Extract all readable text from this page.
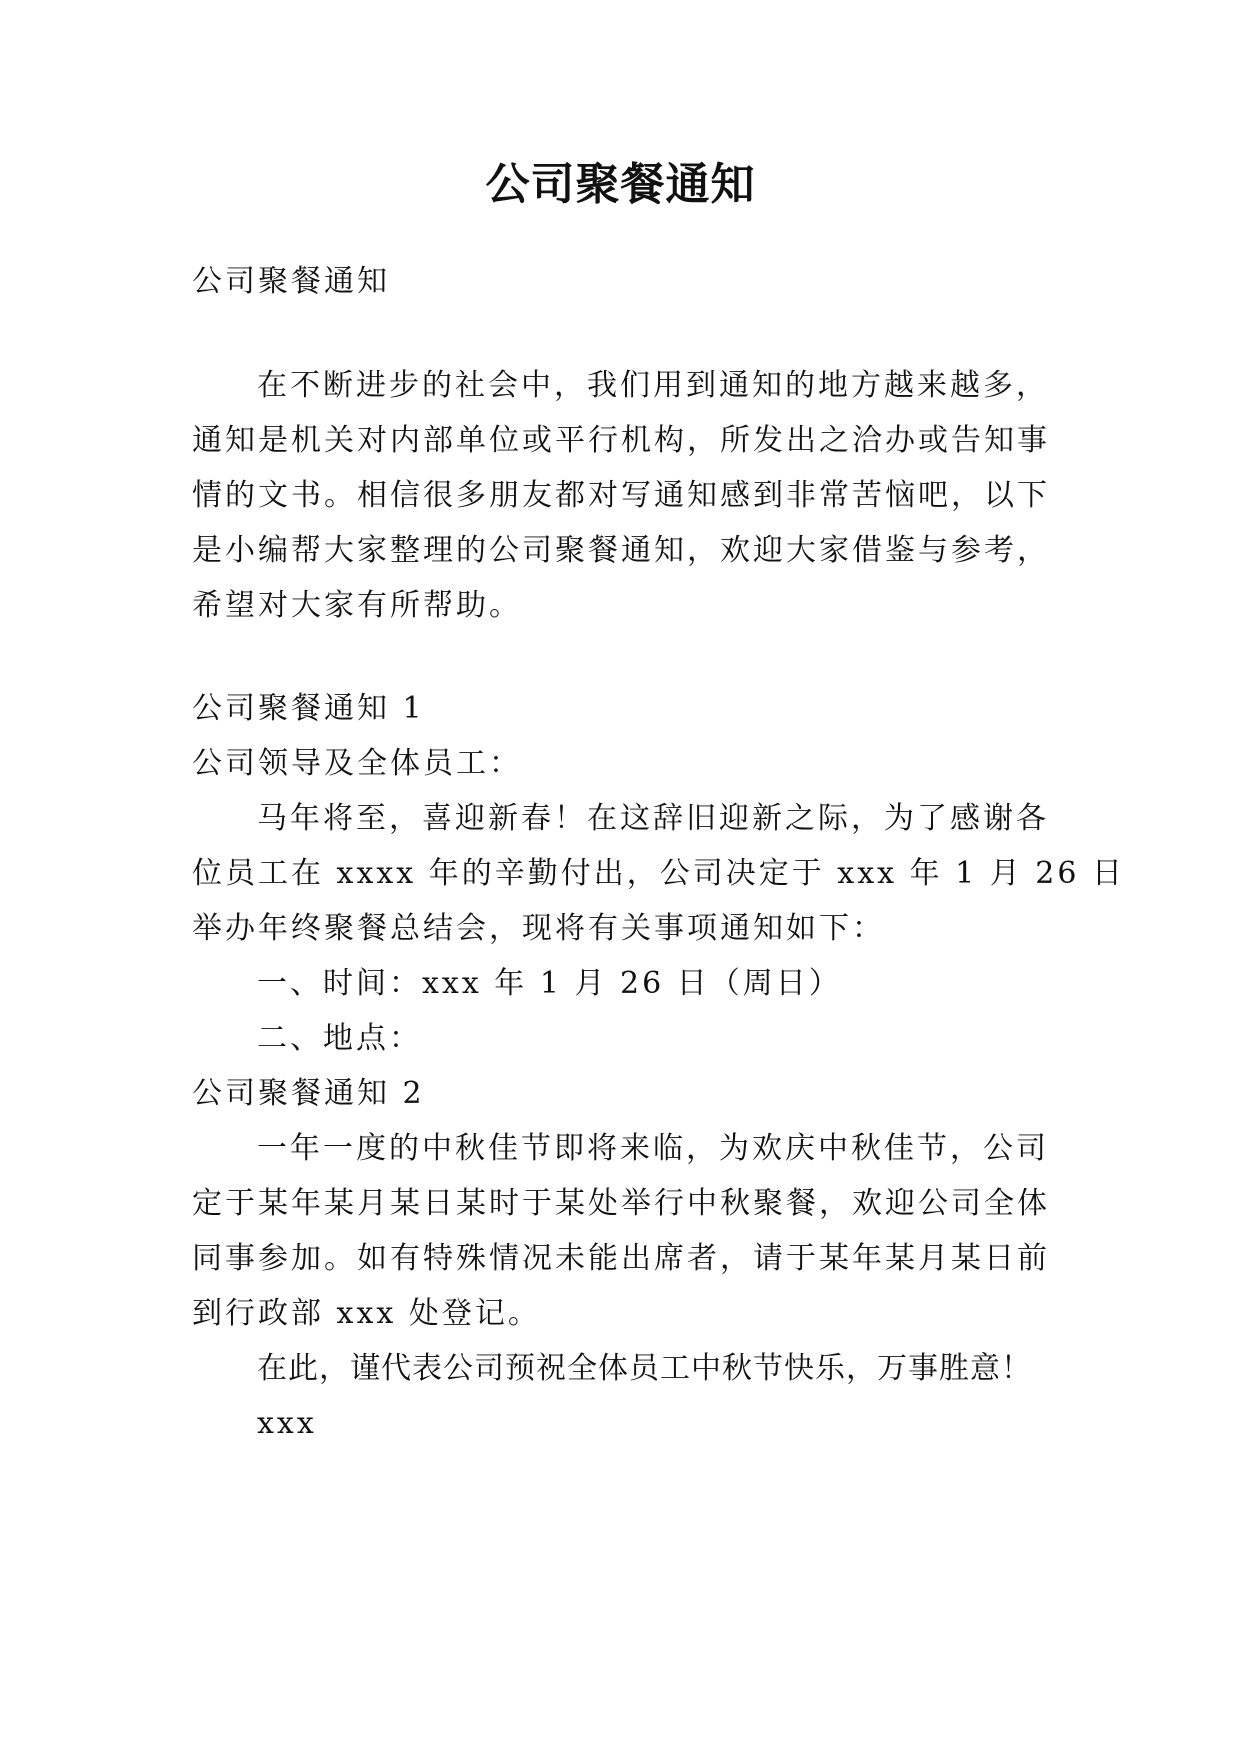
公司聚餐通知
公司聚餐通知
在不断进步的社会中，我们用到通知的地方越来越多，
通知是机关对内部单位或平行机构，所发出之洽办或告知事
情的文书。相信很多朋友都对写通知感到非常苦恼吧，以下
是小编帮大家整理的公司聚餐通知，欢迎大家借鉴与参考，
希望对大家有所帮助。
公司聚餐通知 1
公司领导及全体员工：
马年将至，喜迎新春！在这辞旧迎新之际，为了感谢各
位员工在 xxxx 年的辛勤付出，公司决定于 xxx 年 1 月 26 日
举办年终聚餐总结会，现将有关事项通知如下：
一、时间：xxx 年 1 月 26 日（周日）
二、地点：
公司聚餐通知 2
一年一度的中秋佳节即将来临，为欢庆中秋佳节，公司
定于某年某月某日某时于某处举行中秋聚餐，欢迎公司全体
同事参加。如有特殊情况未能出席者，请于某年某月某日前
到行政部 xxx 处登记。
在此，谨代表公司预祝全体员工中秋节快乐，万事胜意！
xxx
